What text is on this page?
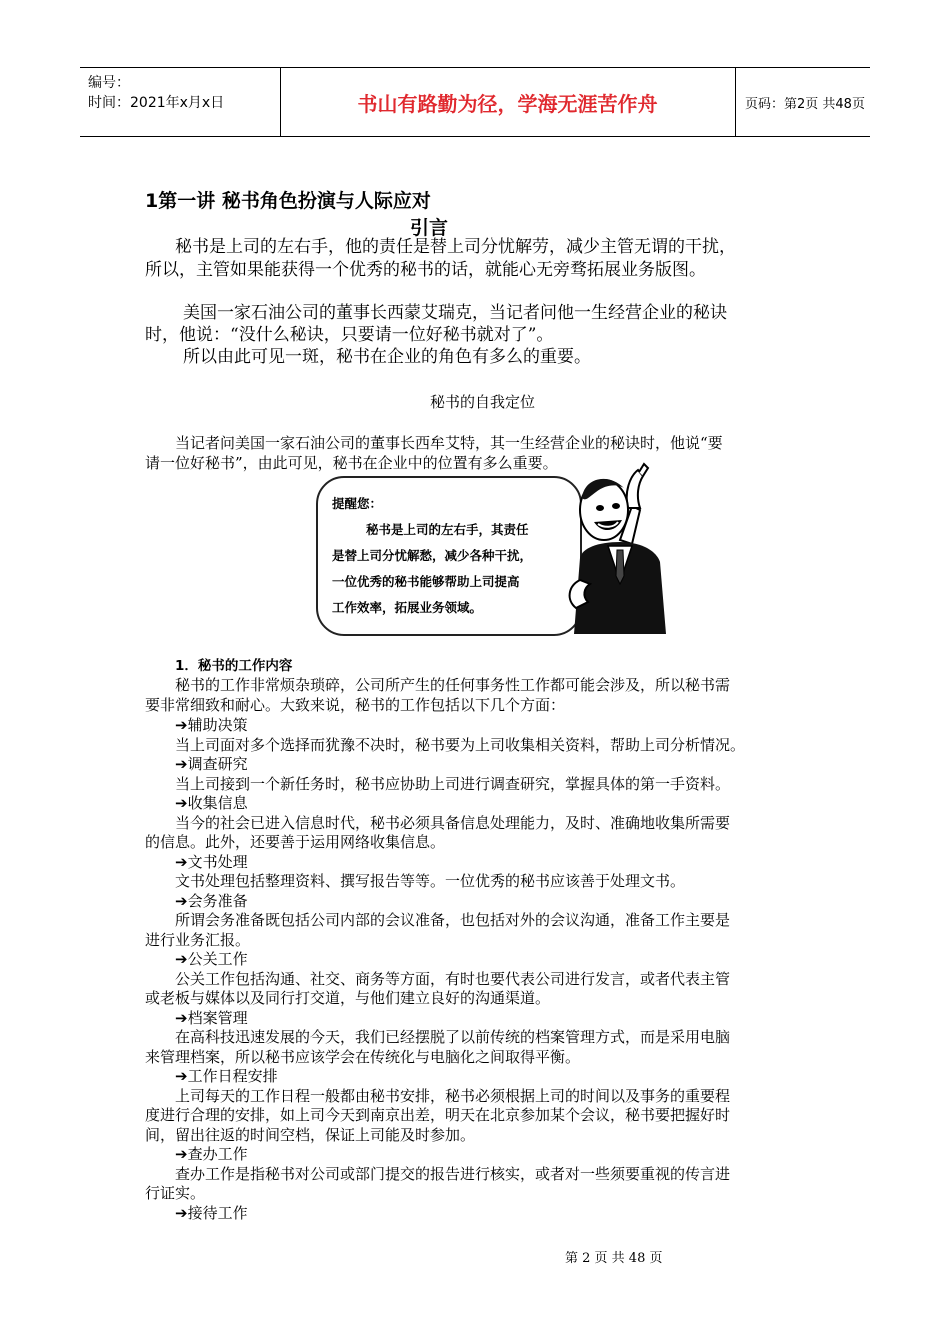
编号：
时间：2021年x月x日	书山有路勤为径，学海无涯苦作舟	页码：第2页 共48页
1第一讲 秘书角色扮演与人际应对
引言
秘书是上司的左右手，他的责任是替上司分忧解劳，减少主管无谓的干扰，
所以，主管如果能获得一个优秀的秘书的话，就能心无旁骛拓展业务版图。
美国一家石油公司的董事长西蒙艾瑞克，当记者问他一生经营企业的秘诀
时，他说：“没什么秘诀，只要请一位好秘书就对了”。
所以由此可见一斑，秘书在企业的角色有多么的重要。
秘书的自我定位
当记者问美国一家石油公司的董事长西牟艾特，其一生经营企业的秘诀时，他说“要
请一位好秘书”，由此可见，秘书在企业中的位置有多么重要。
提醒您：
秘书是上司的左右手，其责任
是替上司分忧解愁，减少各种干扰，
一位优秀的秘书能够帮助上司提高
工作效率，拓展业务领域。
1．秘书的工作内容
秘书的工作非常烦杂琐碎，公司所产生的任何事务性工作都可能会涉及，所以秘书需
要非常细致和耐心。大致来说，秘书的工作包括以下几个方面：
➔辅助决策
当上司面对多个选择而犹豫不决时，秘书要为上司收集相关资料，帮助上司分析情况。
➔调查研究
当上司接到一个新任务时，秘书应协助上司进行调查研究，掌握具体的第一手资料。
➔收集信息
当今的社会已进入信息时代，秘书必须具备信息处理能力，及时、准确地收集所需要
的信息。此外，还要善于运用网络收集信息。
➔文书处理
文书处理包括整理资料、撰写报告等等。一位优秀的秘书应该善于处理文书。
➔会务准备
所谓会务准备既包括公司内部的会议准备，也包括对外的会议沟通，准备工作主要是
进行业务汇报。
➔公关工作
公关工作包括沟通、社交、商务等方面，有时也要代表公司进行发言，或者代表主管
或老板与媒体以及同行打交道，与他们建立良好的沟通渠道。
➔档案管理
在高科技迅速发展的今天，我们已经摆脱了以前传统的档案管理方式，而是采用电脑
来管理档案，所以秘书应该学会在传统化与电脑化之间取得平衡。
➔工作日程安排
上司每天的工作日程一般都由秘书安排，秘书必须根据上司的时间以及事务的重要程
度进行合理的安排，如上司今天到南京出差，明天在北京参加某个会议，秘书要把握好时
间，留出往返的时间空档，保证上司能及时参加。
➔查办工作
查办工作是指秘书对公司或部门提交的报告进行核实，或者对一些须要重视的传言进
行证实。
➔接待工作
第 2 页 共 48 页
